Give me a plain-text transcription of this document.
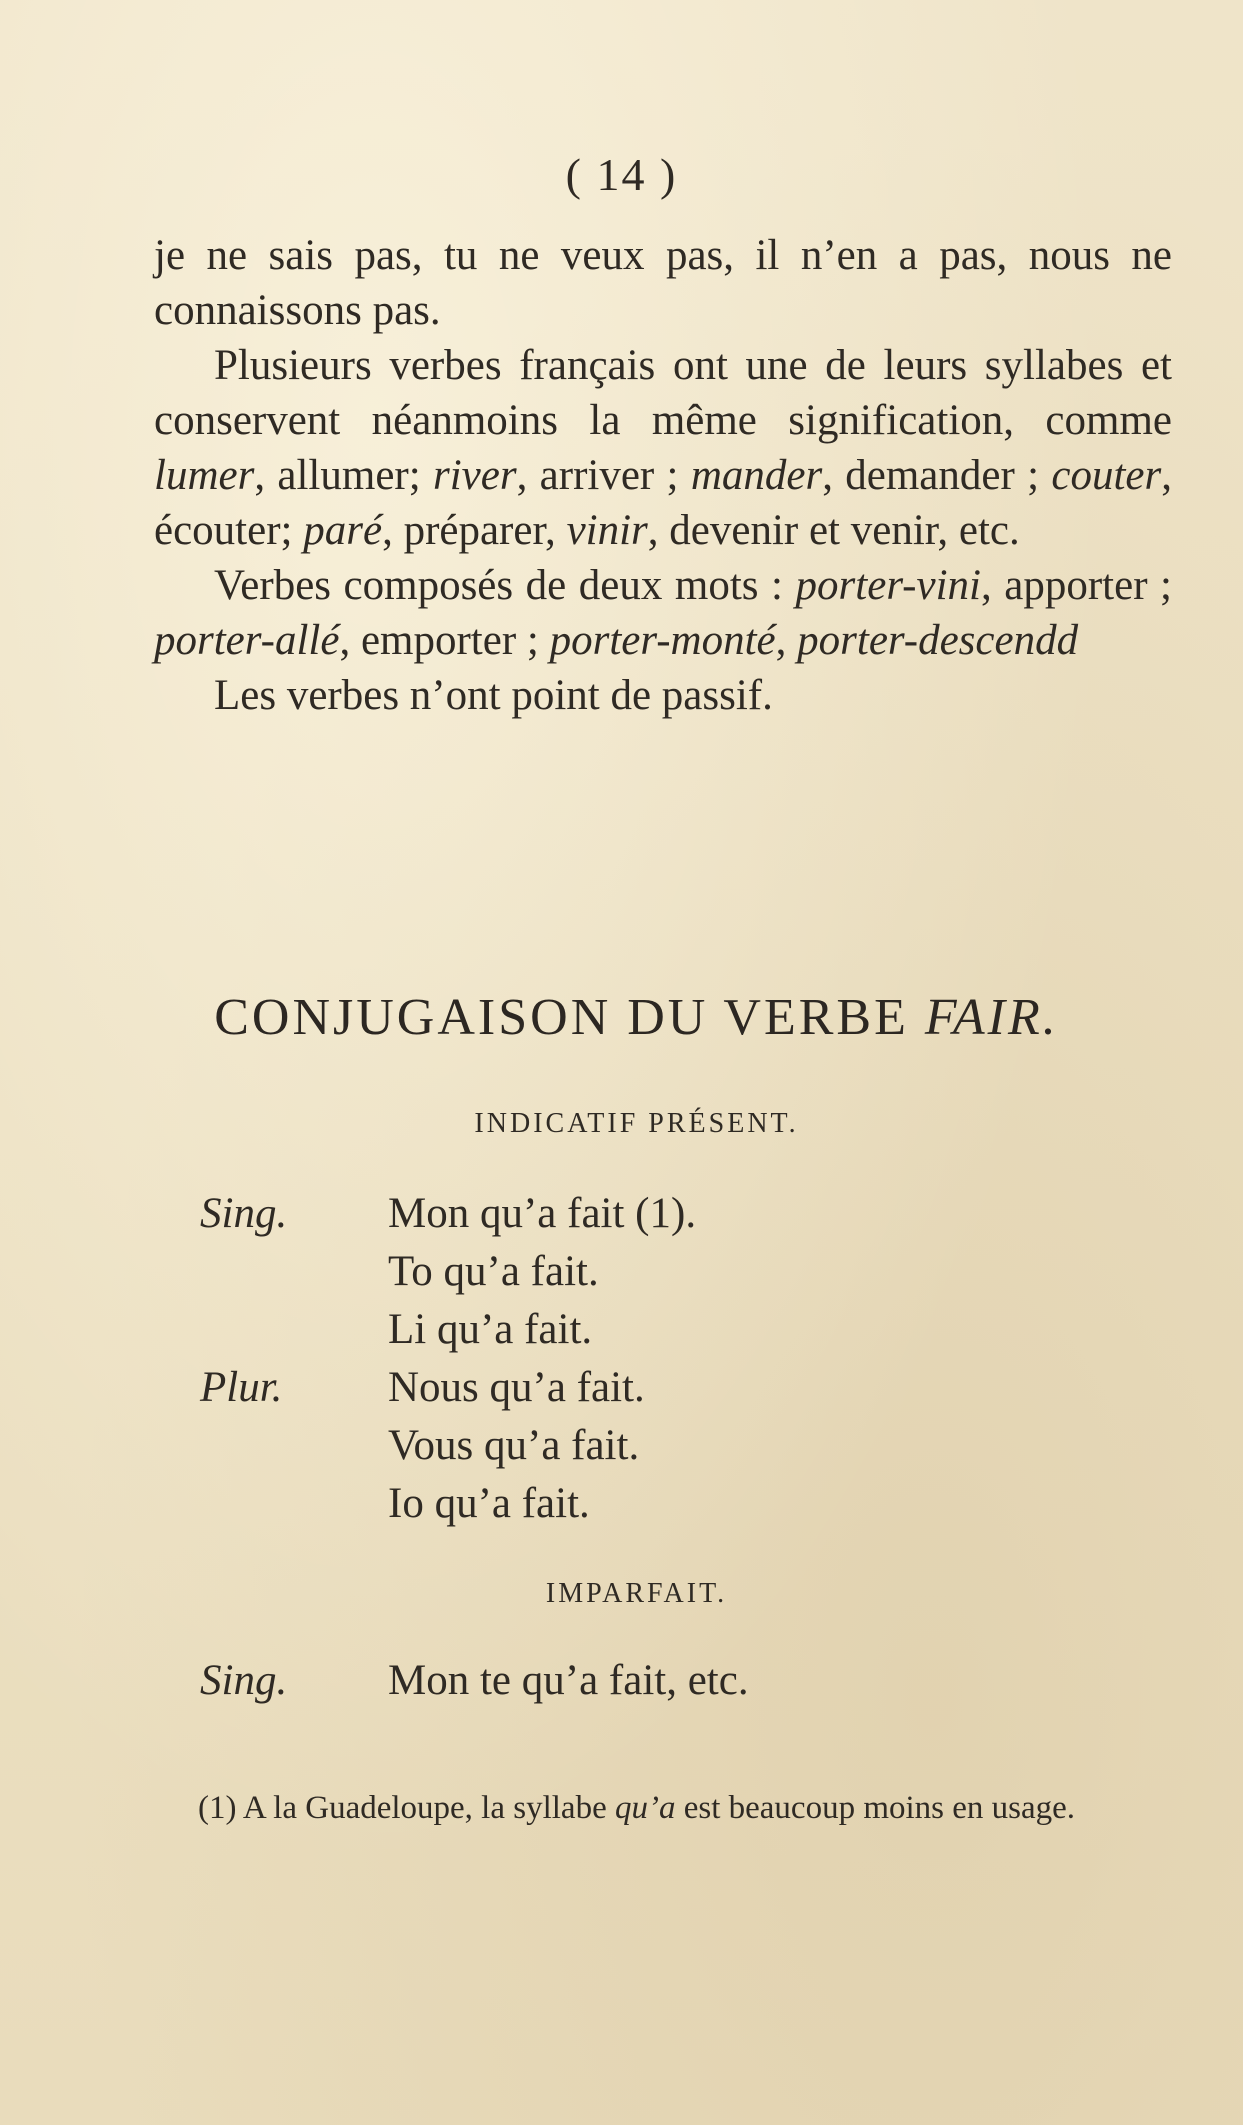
( 14 )

je ne sais pas, tu ne veux pas, il n’en a pas, nous ne connaissons pas.

Plusieurs verbes français ont une de leurs syllabes et conservent néanmoins la même signification, comme lumer, allumer; river, arriver ; mander, demander ; couter, écouter; paré, préparer, vinir, devenir et venir, etc.

Verbes composés de deux mots : porter-vini, apporter ; porter-allé, emporter ; porter-monté, porter-descendd

Les verbes n’ont point de passif.

CONJUGAISON DU VERBE FAIR.
INDICATIF PRÉSENT.
Sing. Mon qu’a fait (1).
To qu’a fait.
Li qu’a fait.
Plur. Nous qu’a fait.
Vous qu’a fait.
Io qu’a fait.
IMPARFAIT.
Sing. Mon te qu’a fait, etc.
(1) A la Guadeloupe, la syllabe qu’a est beaucoup moins en usage.
